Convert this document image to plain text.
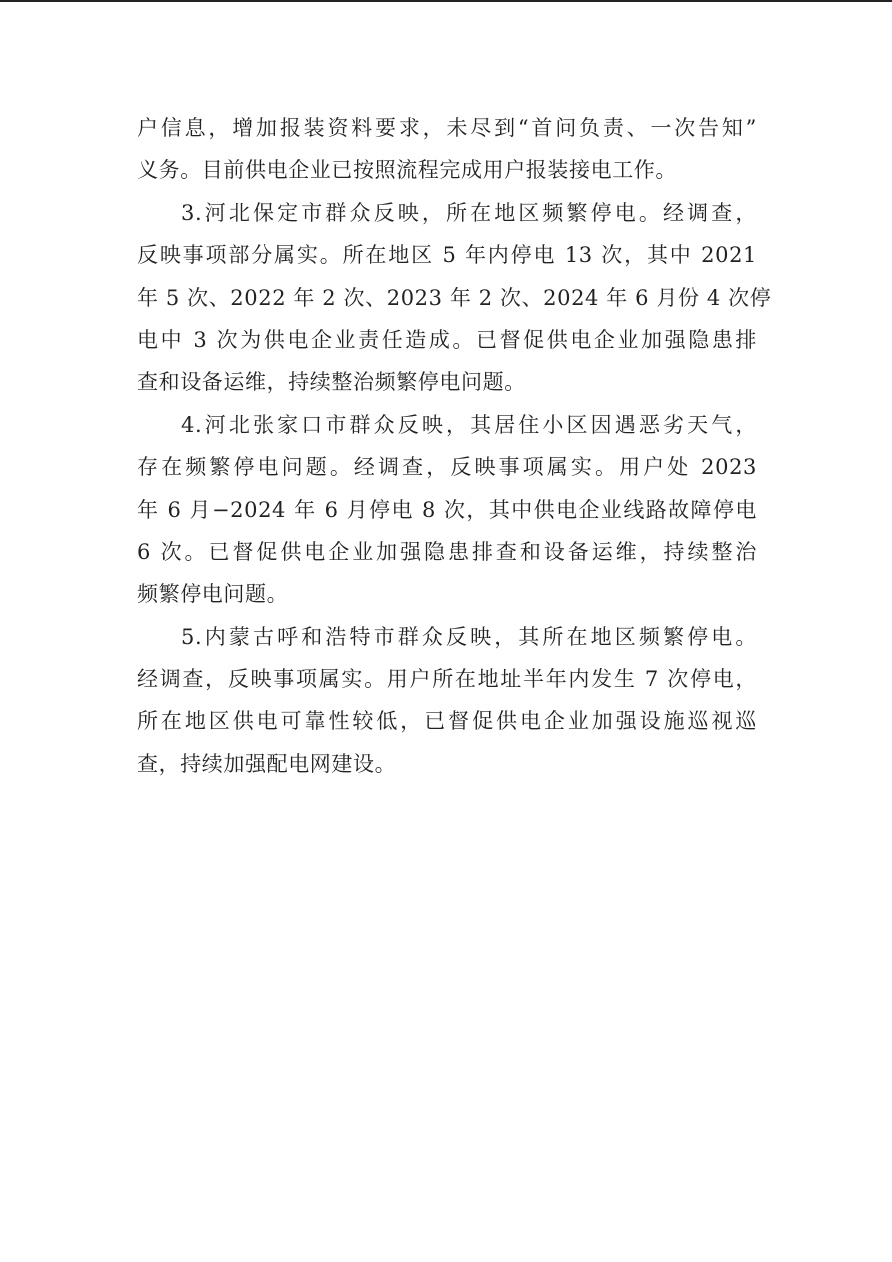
户信息，增加报装资料要求，未尽到“首问负责、一次告知”
义务。目前供电企业已按照流程完成用户报装接电工作。
3.河北保定市群众反映，所在地区频繁停电。经调查，
反映事项部分属实。所在地区 5 年内停电 13 次，其中 2021
年 5 次、2022 年 2 次、2023 年 2 次、2024 年 6 月份 4 次停
电中 3 次为供电企业责任造成。已督促供电企业加强隐患排
查和设备运维，持续整治频繁停电问题。
4.河北张家口市群众反映，其居住小区因遇恶劣天气，
存在频繁停电问题。经调查，反映事项属实。用户处 2023
年 6 月−2024 年 6 月停电 8 次，其中供电企业线路故障停电
6 次。已督促供电企业加强隐患排查和设备运维，持续整治
频繁停电问题。
5.内蒙古呼和浩特市群众反映，其所在地区频繁停电。
经调查，反映事项属实。用户所在地址半年内发生 7 次停电，
所在地区供电可靠性较低，已督促供电企业加强设施巡视巡
查，持续加强配电网建设。
